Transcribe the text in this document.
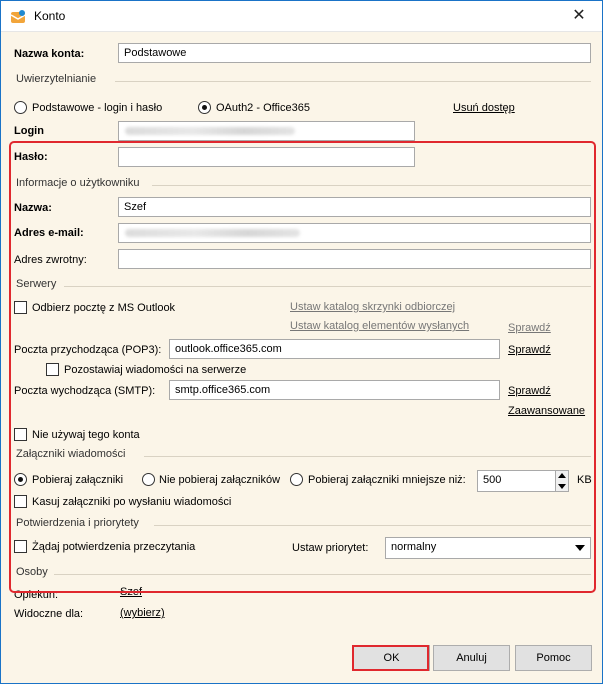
Konto	✕
Nazwa konta:	Podstawowe
Uwierzytelnianie
Podstawowe - login i hasło	OAuth2 - Office365	Usuń dostęp
Login
Hasło:
Informacje o użytkowniku
Nazwa:	Szef
Adres e-mail:
Adres zwrotny:
Serwery
Odbierz pocztę z MS Outlook	Ustaw katalog skrzynki odbiorczej
Ustaw katalog elementów wysłanych	Sprawdź
Poczta przychodząca (POP3):	outlook.office365.com	Sprawdź
Pozostawiaj wiadomości na serwerze
Poczta wychodząca (SMTP):	smtp.office365.com	Sprawdź
Zaawansowane
Nie używaj tego konta
Załączniki wiadomości
Pobieraj załączniki	Nie pobieraj załączników	Pobieraj załączniki mniejsze niż:	500	KB
Kasuj załączniki po wysłaniu wiadomości
Potwierdzenia i priorytety
Żądaj potwierdzenia przeczytania	Ustaw priorytet:	normalny
Osoby
Opiekun:	Szef
Widoczne dla:	(wybierz)
OK	Anuluj	Pomoc
